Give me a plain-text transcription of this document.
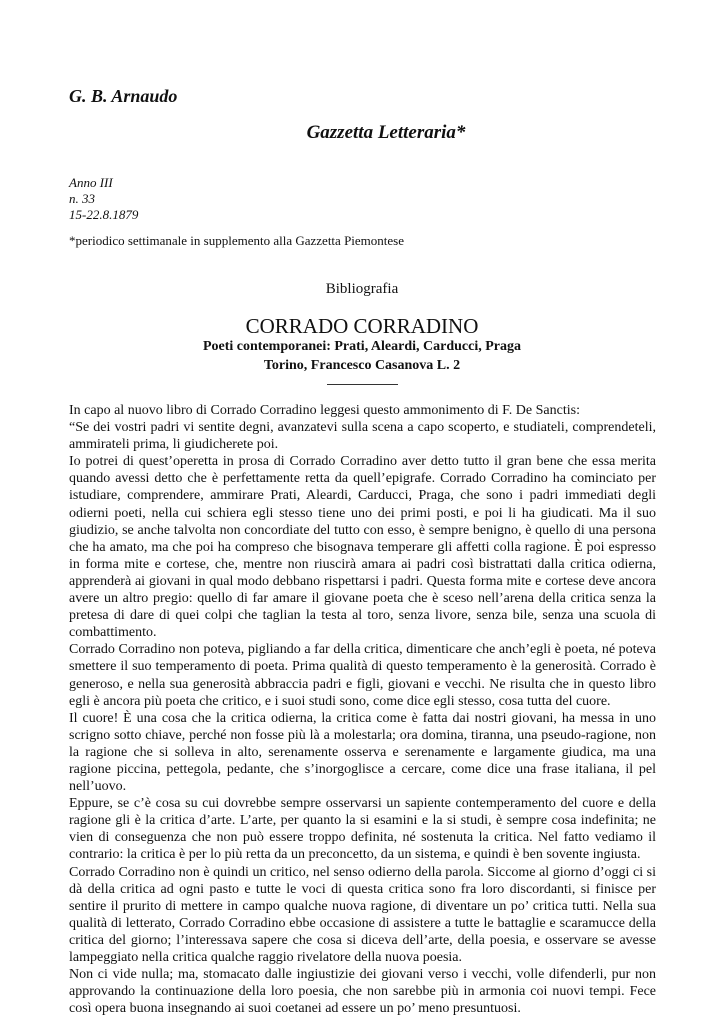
G. B. Arnaudo
Gazzetta Letteraria*
Anno III
n. 33
15-22.8.1879
*periodico settimanale in supplemento alla Gazzetta Piemontese
Bibliografia
CORRADO CORRADINO
Poeti contemporanei: Prati, Aleardi, Carducci, Praga
Torino, Francesco Casanova L. 2

In capo al nuovo libro di Corrado Corradino leggesi questo ammonimento di F. De Sanctis:

“Se dei vostri padri vi sentite degni, avanzatevi sulla scena a capo scoperto, e studiateli, comprendeteli, ammirateli prima, li giudicherete poi.

Io potrei di quest’operetta in prosa di Corrado Corradino aver detto tutto il gran bene che essa merita quando avessi detto che è perfettamente retta da quell’epigrafe. Corrado Corradino ha cominciato per istudiare, comprendere, ammirare Prati, Aleardi, Carducci, Praga, che sono i padri immediati degli odierni poeti, nella cui schiera egli stesso tiene uno dei primi posti, e poi li ha giudicati. Ma il suo giudizio, se anche talvolta non concordiate del tutto con esso, è sempre benigno, è quello di una persona che ha amato, ma che poi ha compreso che bisognava temperare gli affetti colla ragione. È poi espresso in forma mite e cortese, che, mentre non riuscirà amara ai padri così bistrattati dalla critica odierna, apprenderà ai giovani in qual modo debbano rispettarsi i padri. Questa forma mite e cortese deve ancora avere un altro pregio: quello di far amare il giovane poeta che è sceso nell’arena della critica senza la pretesa di dare di quei colpi che taglian la testa al toro, senza livore, senza bile, senza una scuola di combattimento.

Corrado Corradino non poteva, pigliando a far della critica, dimenticare che anch’egli è poeta, né poteva smettere il suo temperamento di poeta. Prima qualità di questo temperamento è la generosità. Corrado è generoso, e nella sua generosità abbraccia padri e figli, giovani e vecchi. Ne risulta che in questo libro egli è ancora più poeta che critico, e i suoi studi sono, come dice egli stesso, cosa tutta del cuore.

Il cuore! È una cosa che la critica odierna, la critica come è fatta dai nostri giovani, ha messa in uno scrigno sotto chiave, perché non fosse più là a molestarla; ora domina, tiranna, una pseudo-ragione, non la ragione che si solleva in alto, serenamente osserva e serenamente e largamente giudica, ma una ragione piccina, pettegola, pedante, che s’inorgoglisce a cercare, come dice una frase italiana, il pel nell’uovo.

Eppure, se c’è cosa su cui dovrebbe sempre osservarsi un sapiente contemperamento del cuore e della ragione gli è la critica d’arte. L’arte, per quanto la si esamini e la si studi, è sempre cosa indefinita; ne vien di conseguenza che non può essere troppo definita, né sostenuta la critica. Nel fatto vediamo il contrario: la critica è per lo più retta da un preconcetto, da un sistema, e quindi è ben sovente ingiusta.

Corrado Corradino non è quindi un critico, nel senso odierno della parola. Siccome al giorno d’oggi ci si dà della critica ad ogni pasto e tutte le voci di questa critica sono fra loro discordanti, si finisce per sentire il prurito di mettere in campo qualche nuova ragione, di diventare un po’ critica tutti. Nella sua qualità di letterato, Corrado Corradino ebbe occasione di assistere a tutte le battaglie e scaramucce della critica del giorno; l’interessava sapere che cosa si diceva dell’arte, della poesia, e osservare se avesse lampeggiato nella critica qualche raggio rivelatore della nuova poesia.

Non ci vide nulla; ma, stomacato dalle ingiustizie dei giovani verso i vecchi, volle difenderli, pur non approvando la continuazione della loro poesia, che non sarebbe più in armonia coi nuovi tempi. Fece così opera buona insegnando ai suoi coetanei ad essere un po’ meno presuntuosi.
